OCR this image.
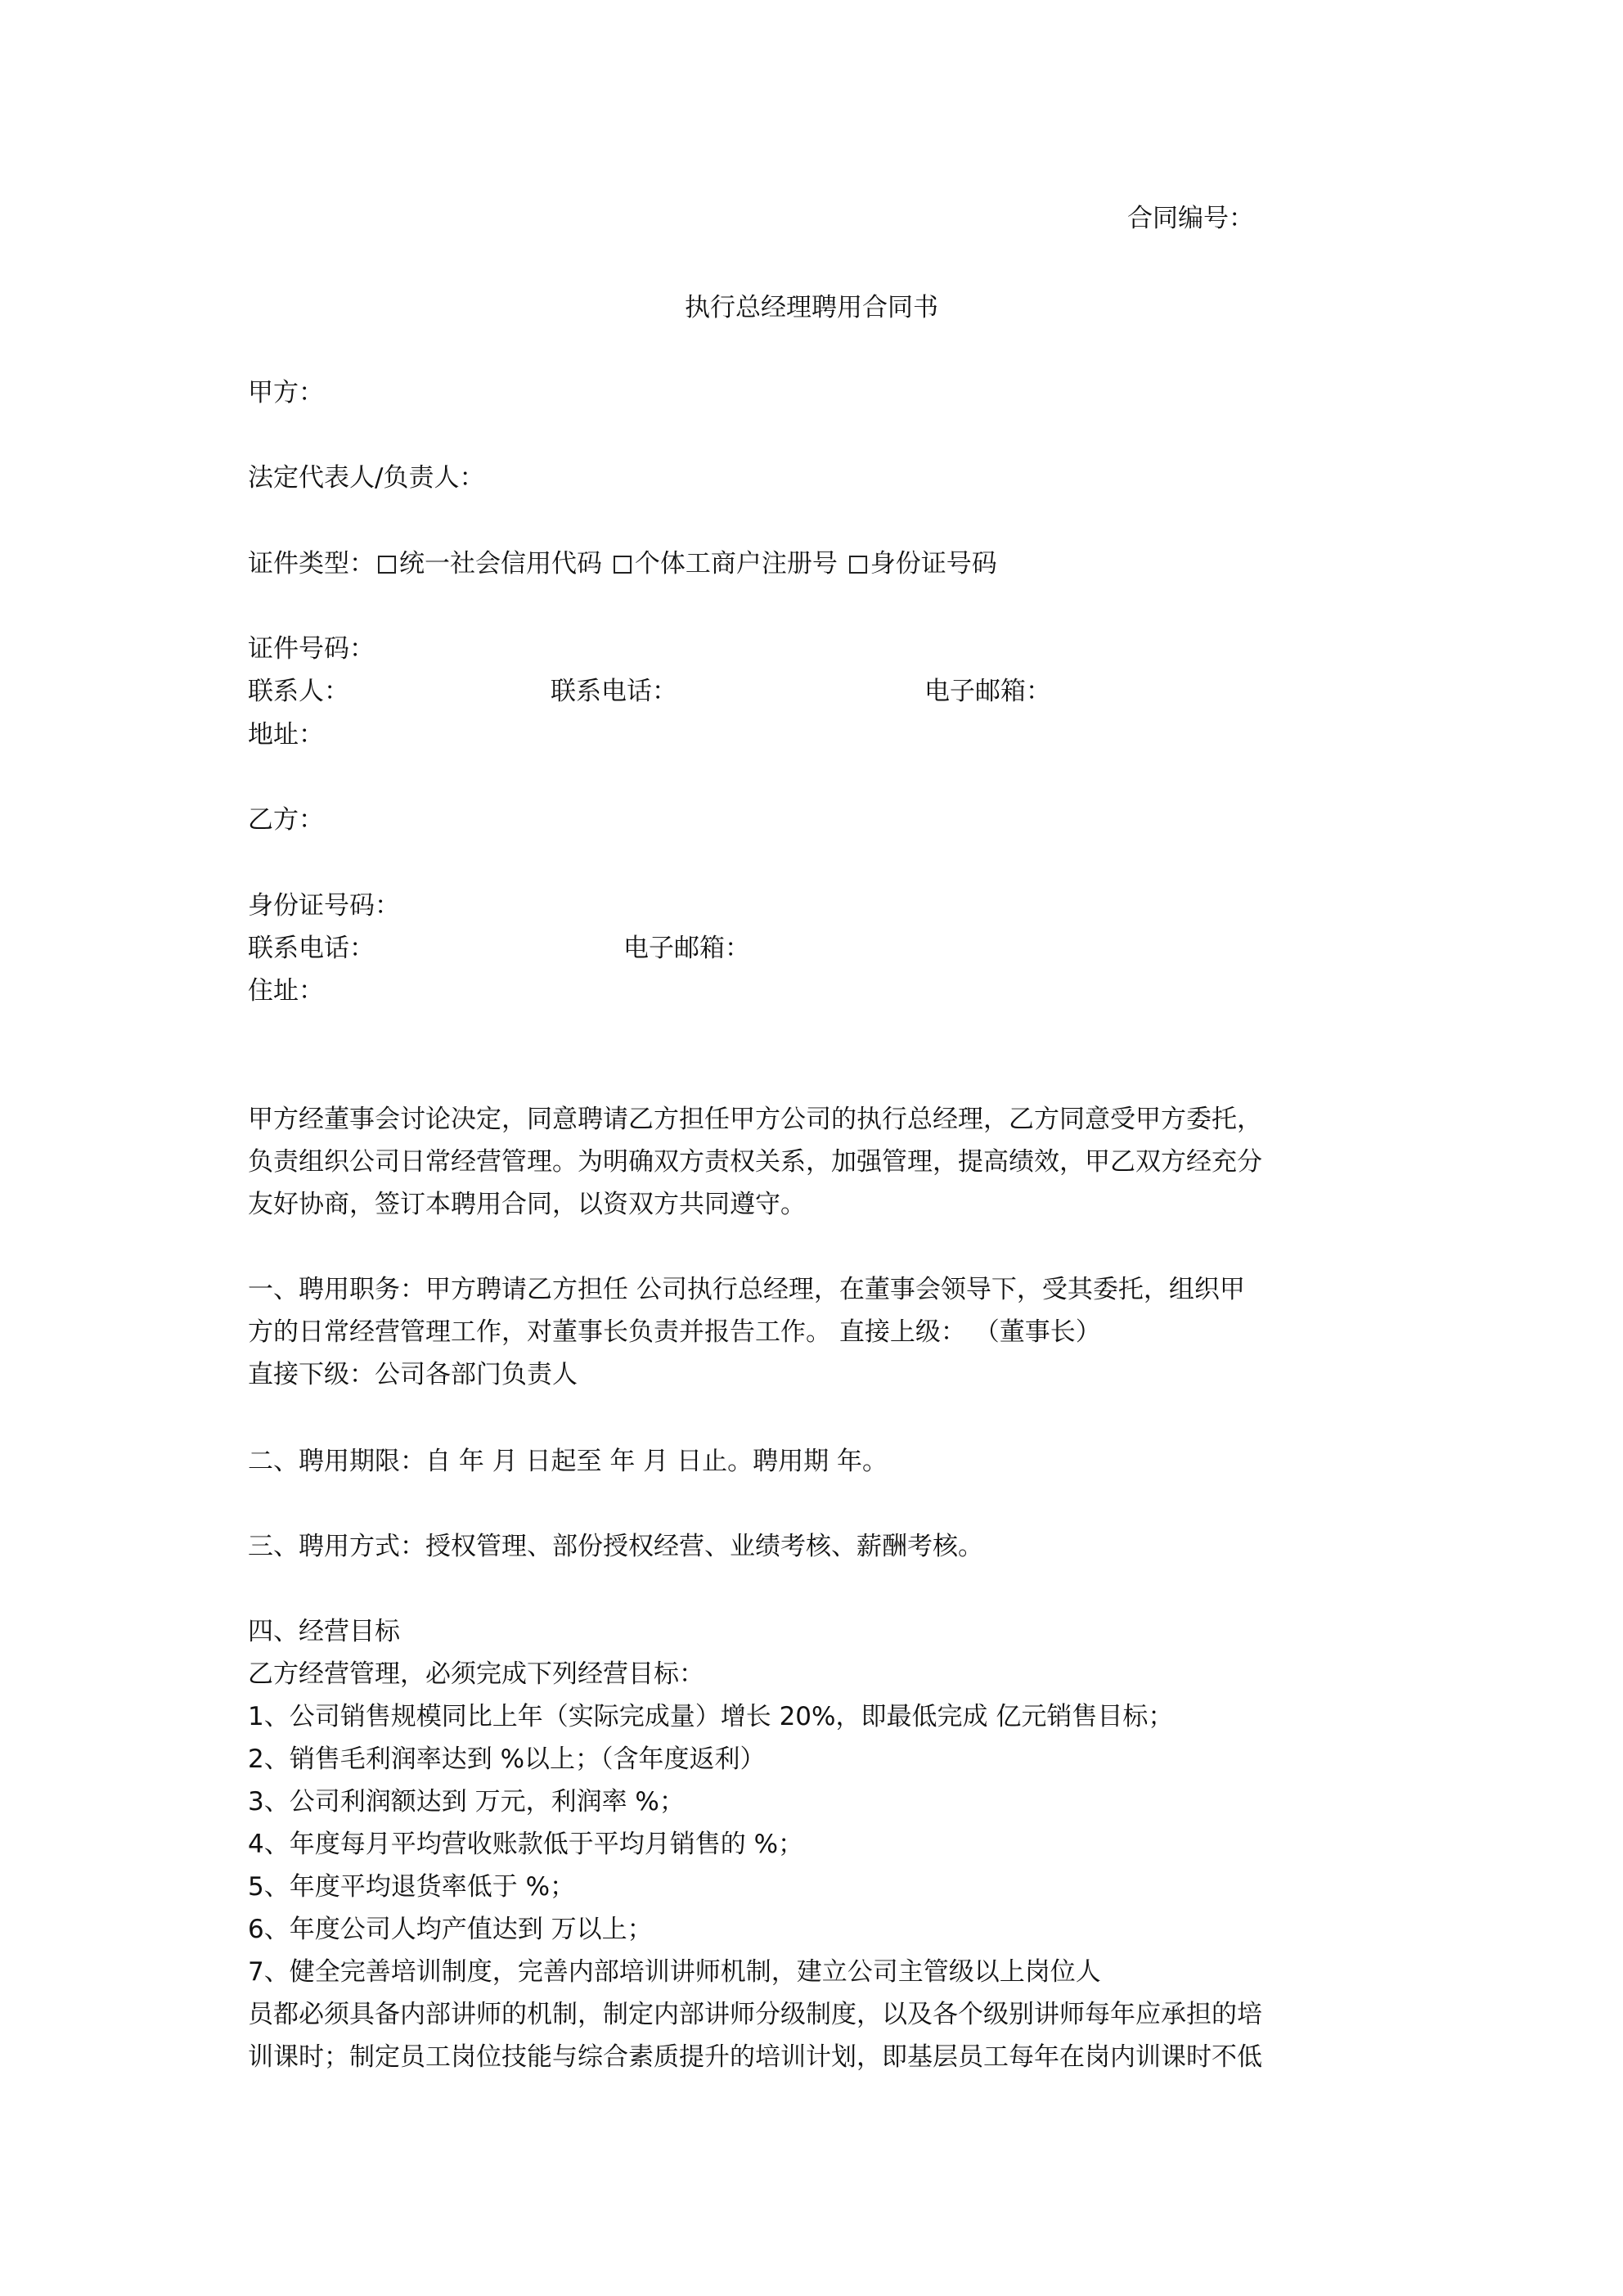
合同编号：
执行总经理聘用合同书
甲方：
法定代表人/负责人：
证件类型： 统一社会信用代码 个体工商户注册号 身份证号码
证件号码：
联系人：	联系电话：	电子邮箱：
地址：
乙方：
身份证号码：
联系电话：	电子邮箱：
住址：
甲方经董事会讨论决定，同意聘请乙方担任甲方公司的执行总经理，乙方同意受甲方委托，
负责组织公司日常经营管理。为明确双方责权关系，加强管理，提高绩效，甲乙双方经充分
友好协商，签订本聘用合同，以资双方共同遵守。
一、聘用职务：甲方聘请乙方担任 公司执行总经理，在董事会领导下，受其委托，组织甲
方的日常经营管理工作，对董事长负责并报告工作。 直接上级： （董事长）
直接下级：公司各部门负责人
二、聘用期限：自 年 月 日起至 年 月 日止。聘用期 年。
三、聘用方式：授权管理、部份授权经营、业绩考核、薪酬考核。
四、经营目标
乙方经营管理，必须完成下列经营目标：
1、公司销售规模同比上年（实际完成量）增长 20%，即最低完成 亿元销售目标；
2、销售毛利润率达到 %以上；（含年度返利）
3、公司利润额达到 万元，利润率 %；
4、年度每月平均营收账款低于平均月销售的 %；
5、年度平均退货率低于 %；
6、年度公司人均产值达到 万以上；
7、健全完善培训制度，完善内部培训讲师机制，建立公司主管级以上岗位人
员都必须具备内部讲师的机制，制定内部讲师分级制度，以及各个级别讲师每年应承担的培
训课时；制定员工岗位技能与综合素质提升的培训计划，即基层员工每年在岗内训课时不低
